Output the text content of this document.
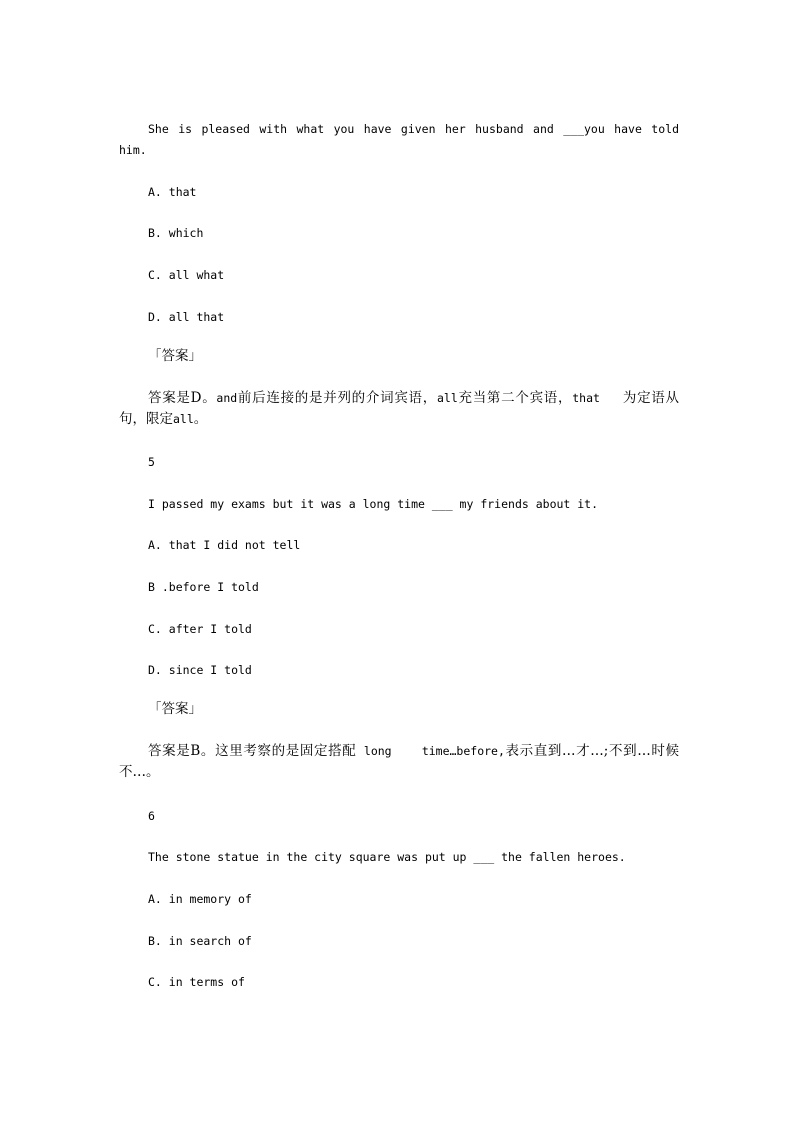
She is pleased with what you have given her husband and ___you have told him.
A. that
B. which
C. all what
D. all that
「答案」
答案是D。and前后连接的是并列的介词宾语，all充当第二个宾语，that   为定语从句，限定all。
5
I passed my exams but it was a long time ___ my friends about it.
A. that I did not tell
B .before I told
C. after I told
D. since I told
「答案」
答案是B。这里考察的是固定搭配 long    time…before,表示直到…才…;不到…时候不…。
6
The stone statue in the city square was put up ___ the fallen heroes.
A. in memory of
B. in search of
C. in terms of
